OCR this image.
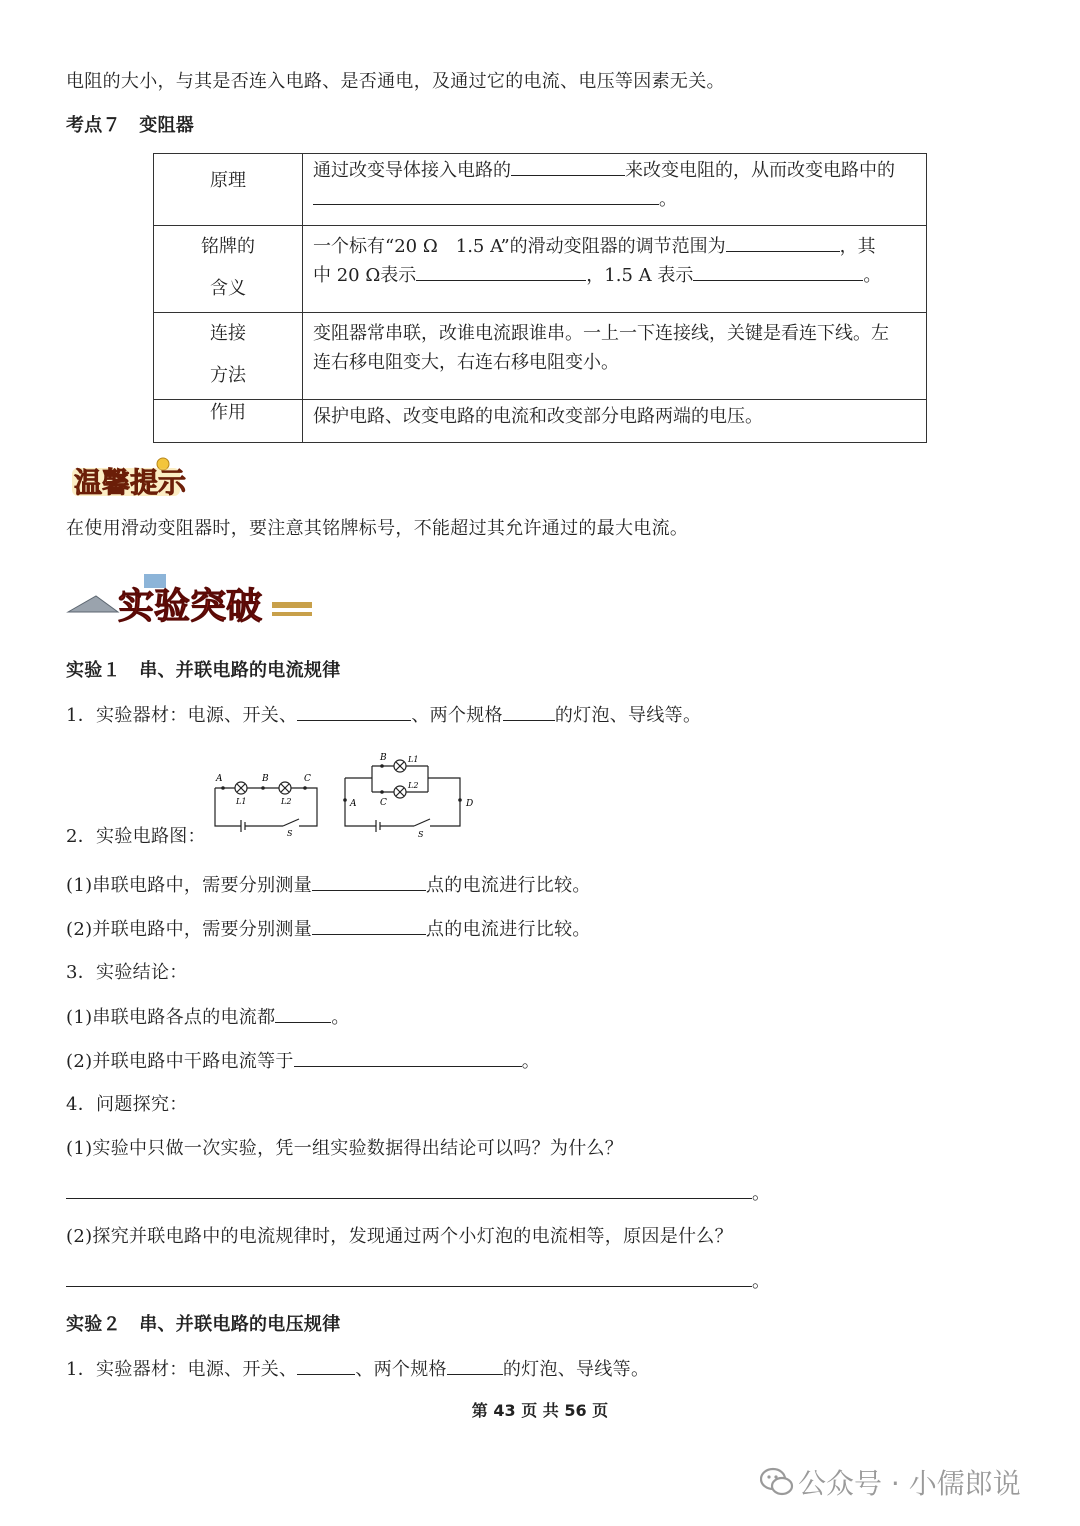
电阻的大小，与其是否连入电路、是否通电，及通过它的电流、电压等因素无关。
考点７　变阻器
原理	通过改变导体接入电路的 来改变电阻的，从而改变电路中的
。
铭牌的
含义	一个标有“20 Ω　1.5 A”的滑动变阻器的调节范围为 ，其
中 20 Ω表示 ，1.5 A 表示 。
连接
方法	变阻器常串联，改谁电流跟谁串。一上一下连接线，关键是看连下线。左
连右移电阻变大，右连右移电阻变小。
作用	保护电路、改变电路的电流和改变部分电路两端的电压。
温馨提示
在使用滑动变阻器时，要注意其铭牌标号，不能超过其允许通过的最大电流。
实验突破
实验１　串、并联电路的电流规律
1．实验器材：电源、开关、	、两个规格	的灯泡、导线等。
2．实验电路图：
A	B	C
L1	L2
S
B
C
A	D
L1
L2
S
(1)串联电路中，需要分别测量	点的电流进行比较。
(2)并联电路中，需要分别测量	点的电流进行比较。
3．实验结论：
(1)串联电路各点的电流都	。
(2)并联电路中干路电流等于	。
4．问题探究：
(1)实验中只做一次实验，凭一组实验数据得出结论可以吗？为什么？
。
(2)探究并联电路中的电流规律时，发现通过两个小灯泡的电流相等，原因是什么？
。
实验２　串、并联电路的电压规律
1．实验器材：电源、开关、	、两个规格	的灯泡、导线等。
第 43 页 共 56 页
公众号 · 小儒郎说
